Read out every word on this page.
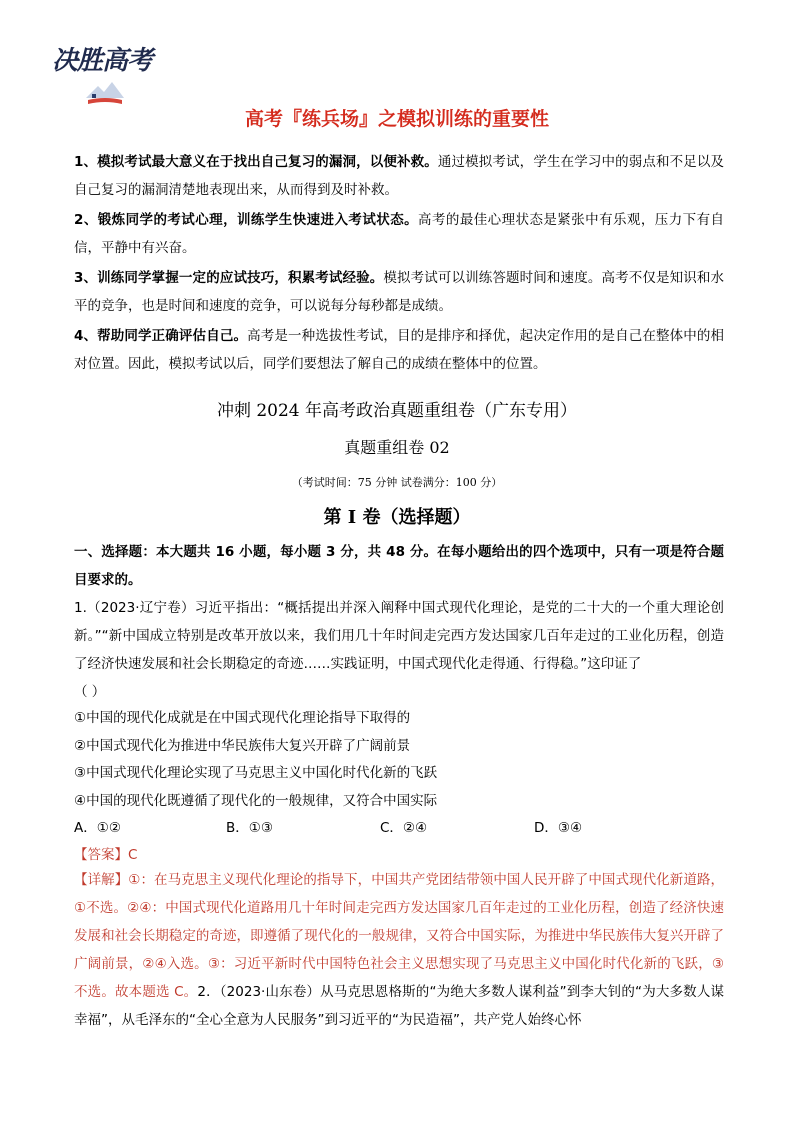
决胜高考
高考『练兵场』之模拟训练的重要性
1、模拟考试最大意义在于找出自己复习的漏洞，以便补救。通过模拟考试，学生在学习中的弱点和不足以及自己复习的漏洞清楚地表现出来，从而得到及时补救。
2、锻炼同学的考试心理，训练学生快速进入考试状态。高考的最佳心理状态是紧张中有乐观，压力下有自信，平静中有兴奋。
3、训练同学掌握一定的应试技巧，积累考试经验。模拟考试可以训练答题时间和速度。高考不仅是知识和水平的竞争，也是时间和速度的竞争，可以说每分每秒都是成绩。
4、帮助同学正确评估自己。高考是一种选拔性考试，目的是排序和择优，起决定作用的是自己在整体中的相对位置。因此，模拟考试以后，同学们要想法了解自己的成绩在整体中的位置。
冲刺 2024 年高考政治真题重组卷（广东专用）
真题重组卷 02
（考试时间：75 分钟 试卷满分：100 分）
第 I 卷（选择题）
一、选择题：本大题共 16 小题，每小题 3 分，共 48 分。在每小题给出的四个选项中，只有一项是符合题目要求的。
1.（2023·辽宁卷）习近平指出：“概括提出并深入阐释中国式现代化理论，是党的二十大的一个重大理论创新。”“新中国成立特别是改革开放以来，我们用几十年时间走完西方发达国家几百年走过的工业化历程，创造了经济快速发展和社会长期稳定的奇迹……实践证明，中国式现代化走得通、行得稳。”这印证了
（ ）
①中国的现代化成就是在中国式现代化理论指导下取得的
②中国式现代化为推进中华民族伟大复兴开辟了广阔前景
③中国式现代化理论实现了马克思主义中国化时代化新的飞跃
④中国的现代化既遵循了现代化的一般规律，又符合中国实际
A．①②	B．①③	C．②④	D．③④
【答案】C
【详解】①：在马克思主义现代化理论的指导下，中国共产党团结带领中国人民开辟了中国式现代化新道路，①不选。②④：中国式现代化道路用几十年时间走完西方发达国家几百年走过的工业化历程，创造了经济快速发展和社会长期稳定的奇迹，即遵循了现代化的一般规律，又符合中国实际，为推进中华民族伟大复兴开辟了广阔前景，②④入选。③：习近平新时代中国特色社会主义思想实现了马克思主义中国化时代化新的飞跃，③不选。故本题选 C。2．（2023·山东卷）从马克思恩格斯的“为绝大多数人谋利益”到李大钊的“为大多数人谋幸福”，从毛泽东的“全心全意为人民服务”到习近平的“为民造福”，共产党人始终心怀
